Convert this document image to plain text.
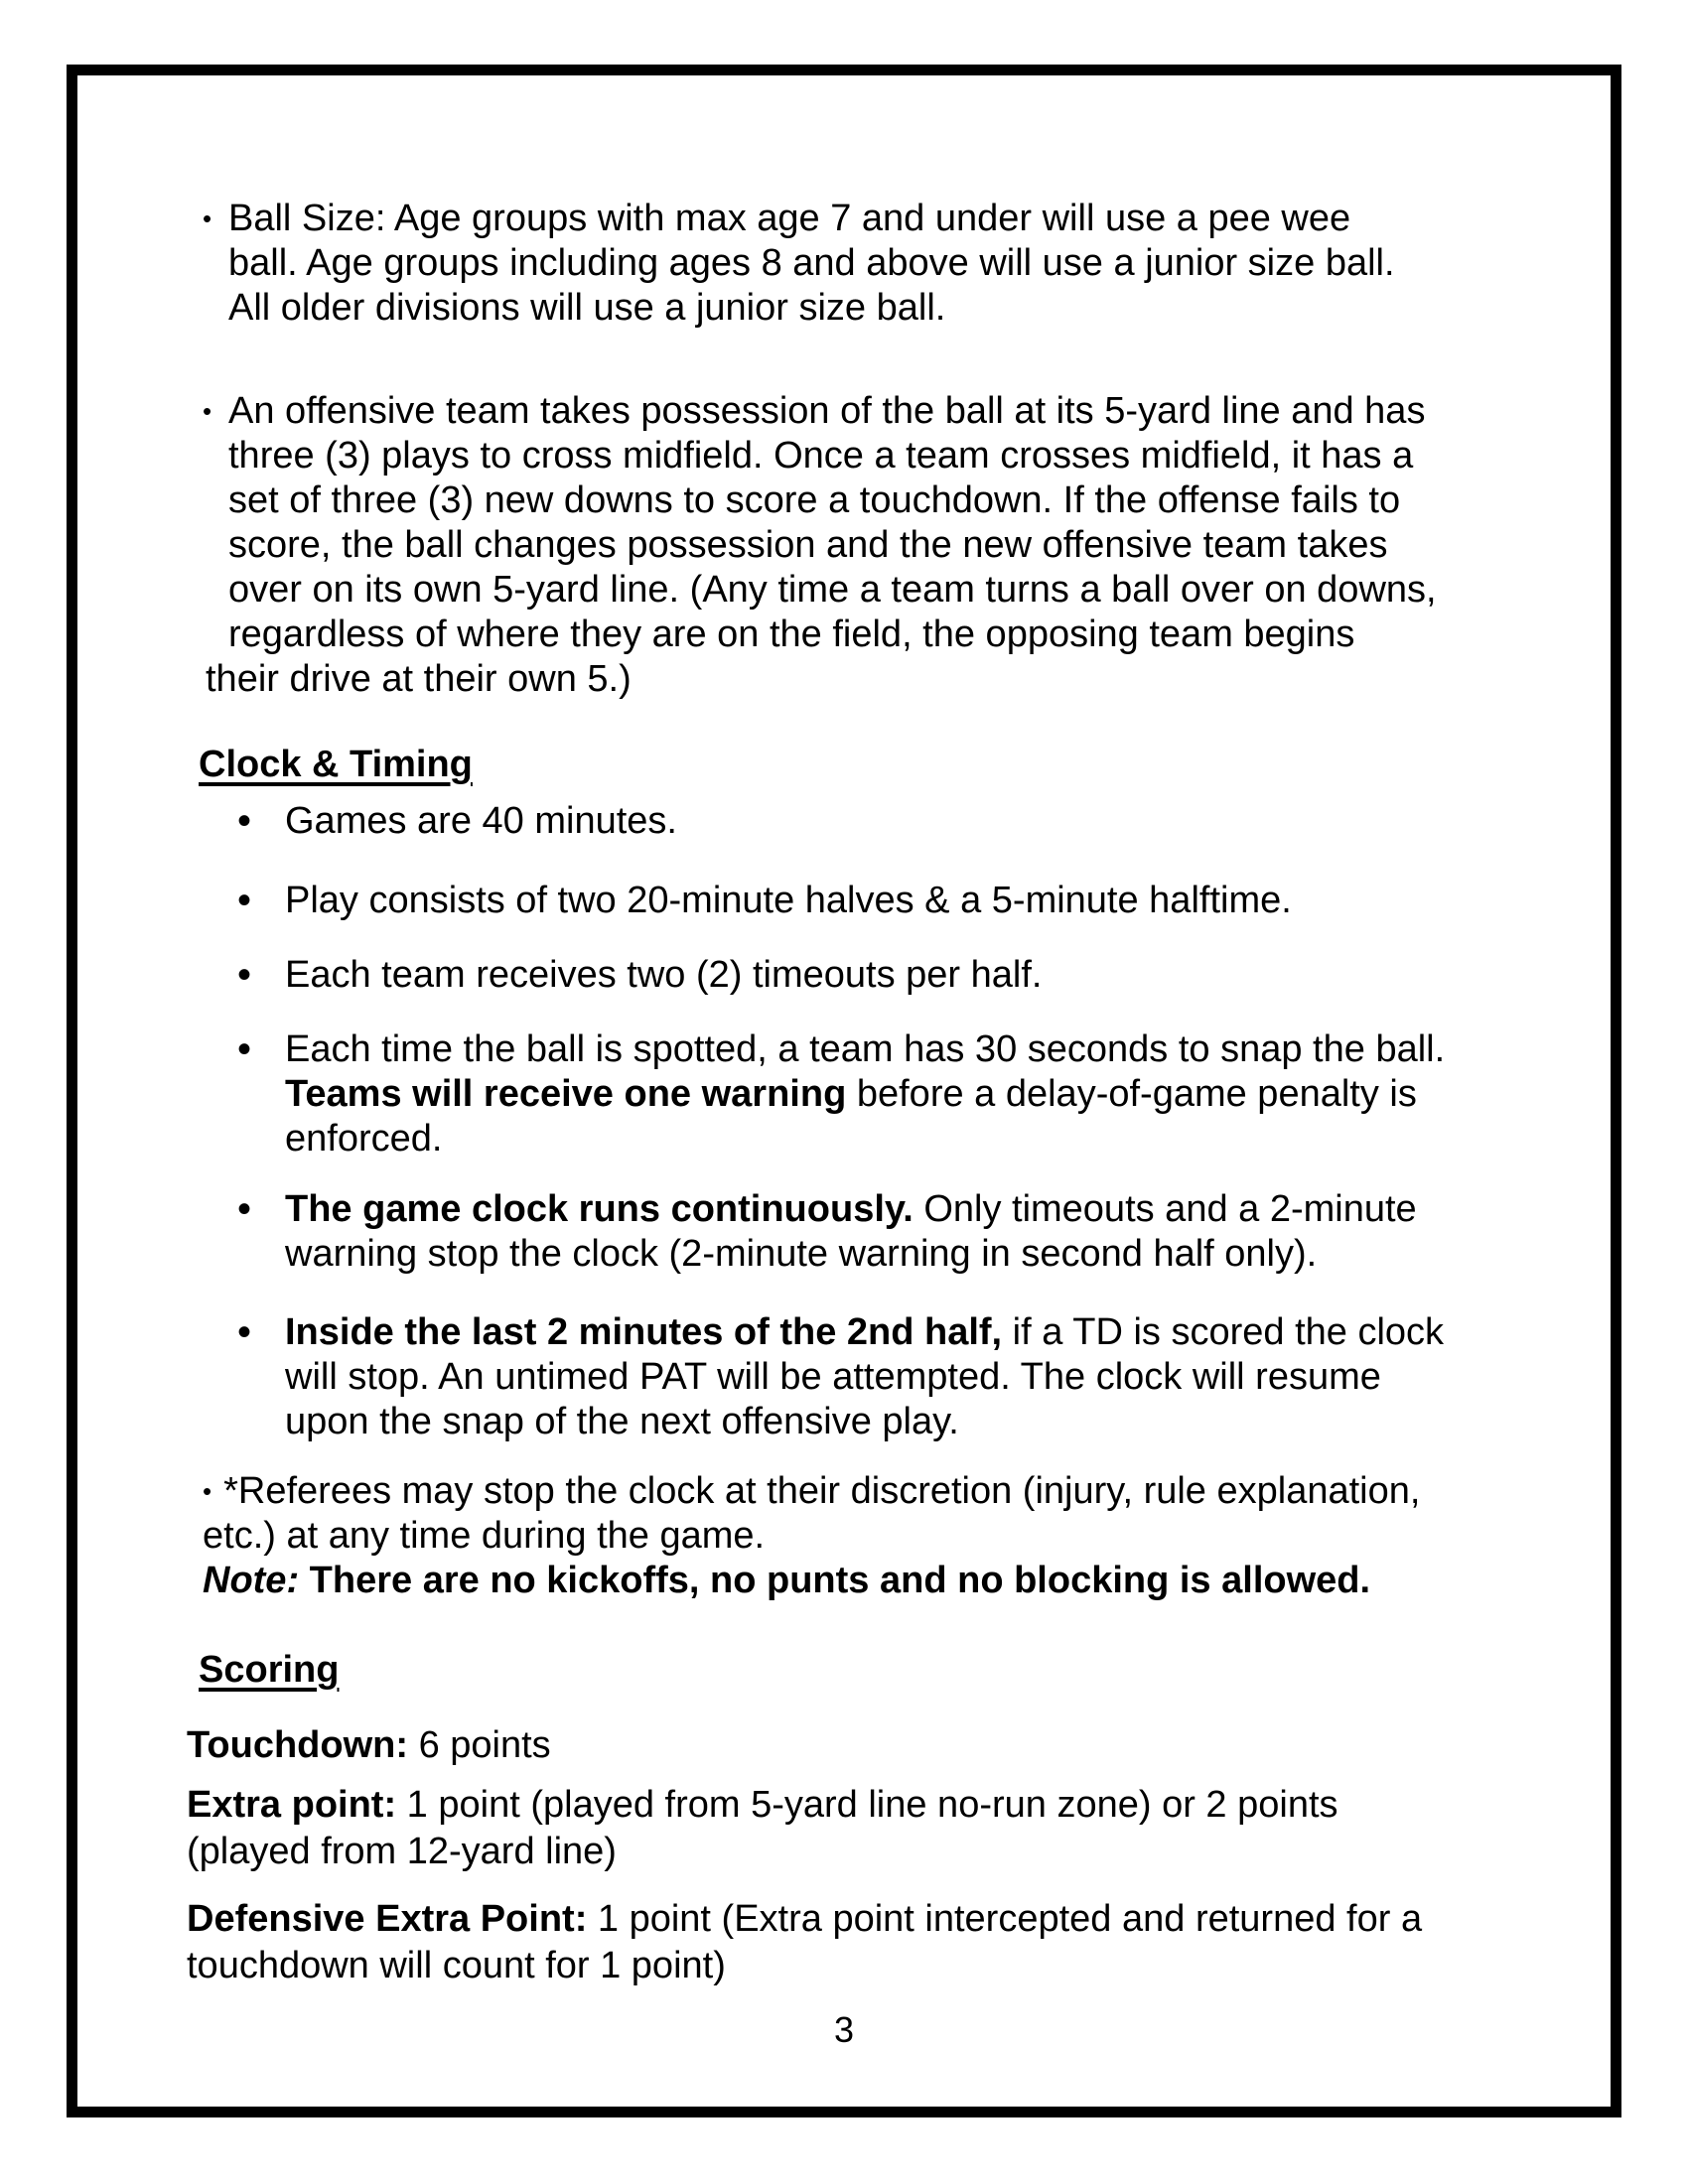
• Ball Size: Age groups with max age 7 and under will use a pee wee
ball. Age groups including ages 8 and above will use a junior size ball.
All older divisions will use a junior size ball.
• An offensive team takes possession of the ball at its 5-yard line and has
three (3) plays to cross midfield. Once a team crosses midfield, it has a
set of three (3) new downs to score a touchdown. If the offense fails to
score, the ball changes possession and the new offensive team takes
over on its own 5-yard line. (Any time a team turns a ball over on downs,
regardless of where they are on the field, the opposing team begins
their drive at their own 5.)
Clock & Timing
• Games are 40 minutes.
• Play consists of two 20-minute halves & a 5-minute halftime.
• Each team receives two (2) timeouts per half.
• Each time the ball is spotted, a team has 30 seconds to snap the ball.
Teams will receive one warning before a delay-of-game penalty is
enforced.
• The game clock runs continuously. Only timeouts and a 2-minute
warning stop the clock (2-minute warning in second half only).
• Inside the last 2 minutes of the 2nd half, if a TD is scored the clock
will stop. An untimed PAT will be attempted. The clock will resume
upon the snap of the next offensive play.
• *Referees may stop the clock at their discretion (injury, rule explanation,
etc.) at any time during the game.
Note: There are no kickoffs, no punts and no blocking is allowed.
Scoring
Touchdown: 6 points
Extra point: 1 point (played from 5-yard line no-run zone) or 2 points
(played from 12-yard line)
Defensive Extra Point: 1 point (Extra point intercepted and returned for a
touchdown will count for 1 point)
3
